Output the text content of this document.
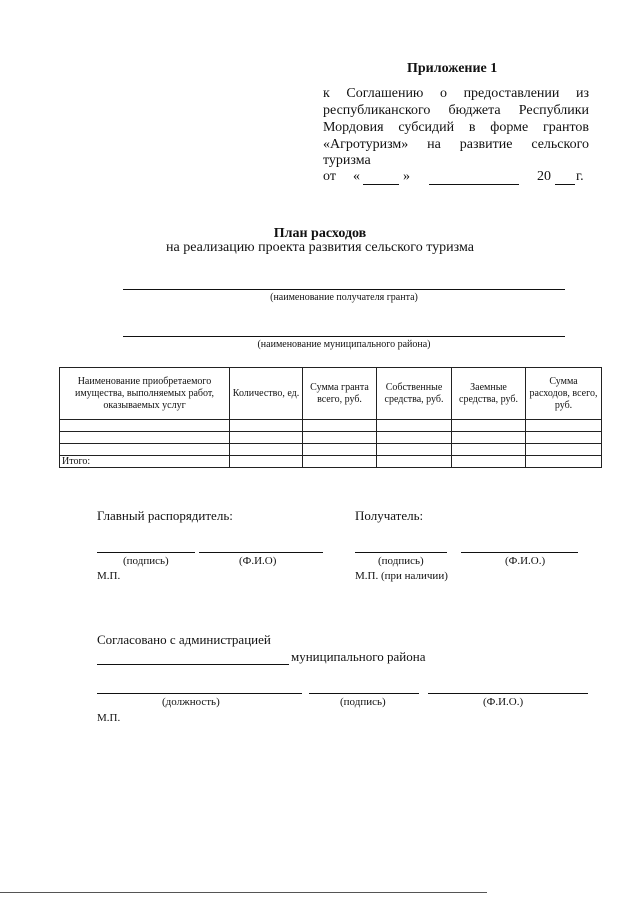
Приложение 1
к Соглашению о предоставлении из
республиканского бюджета Республики
Мордовия субсидий в форме грантов
«Агротуризм» на развитие сельского
туризма
от «	»	20 г.
План расходов
на реализацию проекта развития сельского туризма
(наименование получателя гранта)
(наименование муниципального района)
Наименование приобретаемого имущества, выполняемых работ, оказываемых услуг	Количество, ед.	Сумма гранта всего, руб.	Собственные средства, руб.	Заемные средства, руб.	Сумма расходов, всего, руб.

Итого:					
Главный распорядитель:	Получатель:
(подпись)	(Ф.И.О)	(подпись)	(Ф.И.О.)
М.П.	М.П. (при наличии)
Согласовано с администрацией
муниципального района
(должность)	(подпись)	(Ф.И.О.)
М.П.
